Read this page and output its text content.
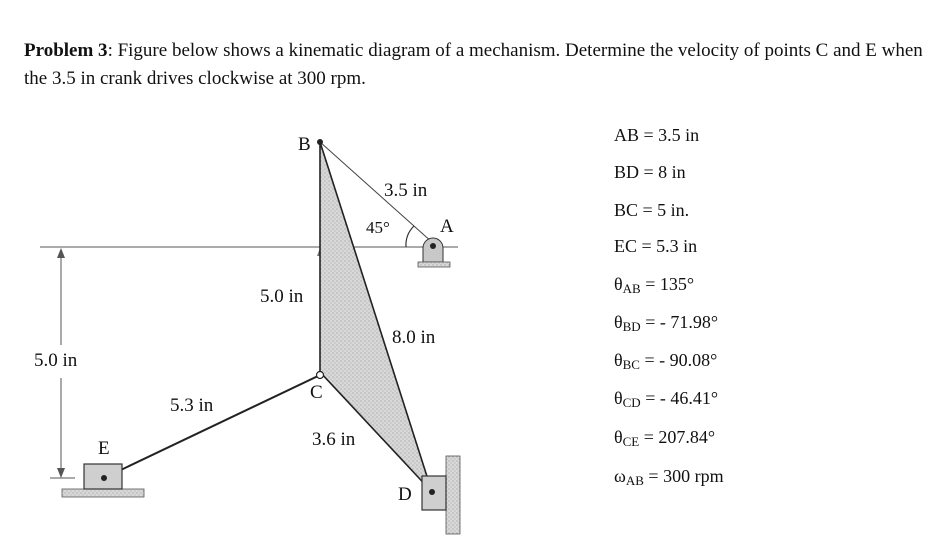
Problem 3: Figure below shows a kinematic diagram of a mechanism. Determine the velocity of points C and E when the 3.5 in crank drives clockwise at 300 rpm.
B
A
C
D
E
3.5 in
45°
8.0 in
5.0 in
5.0 in
5.3 in
3.6 in
AB = 3.5 in
BD = 8 in
BC = 5 in.
EC = 5.3 in
$\theta_{AB} = 135^\circ$
$\theta_{BD}$ = - 71.98°
$\theta_{BC}$ = - 90.08°
$\theta_{CD}$ = - 46.41°
$\theta_{CE} = 207.84^\circ$
$\omega_{AB} = 300$ rpm
